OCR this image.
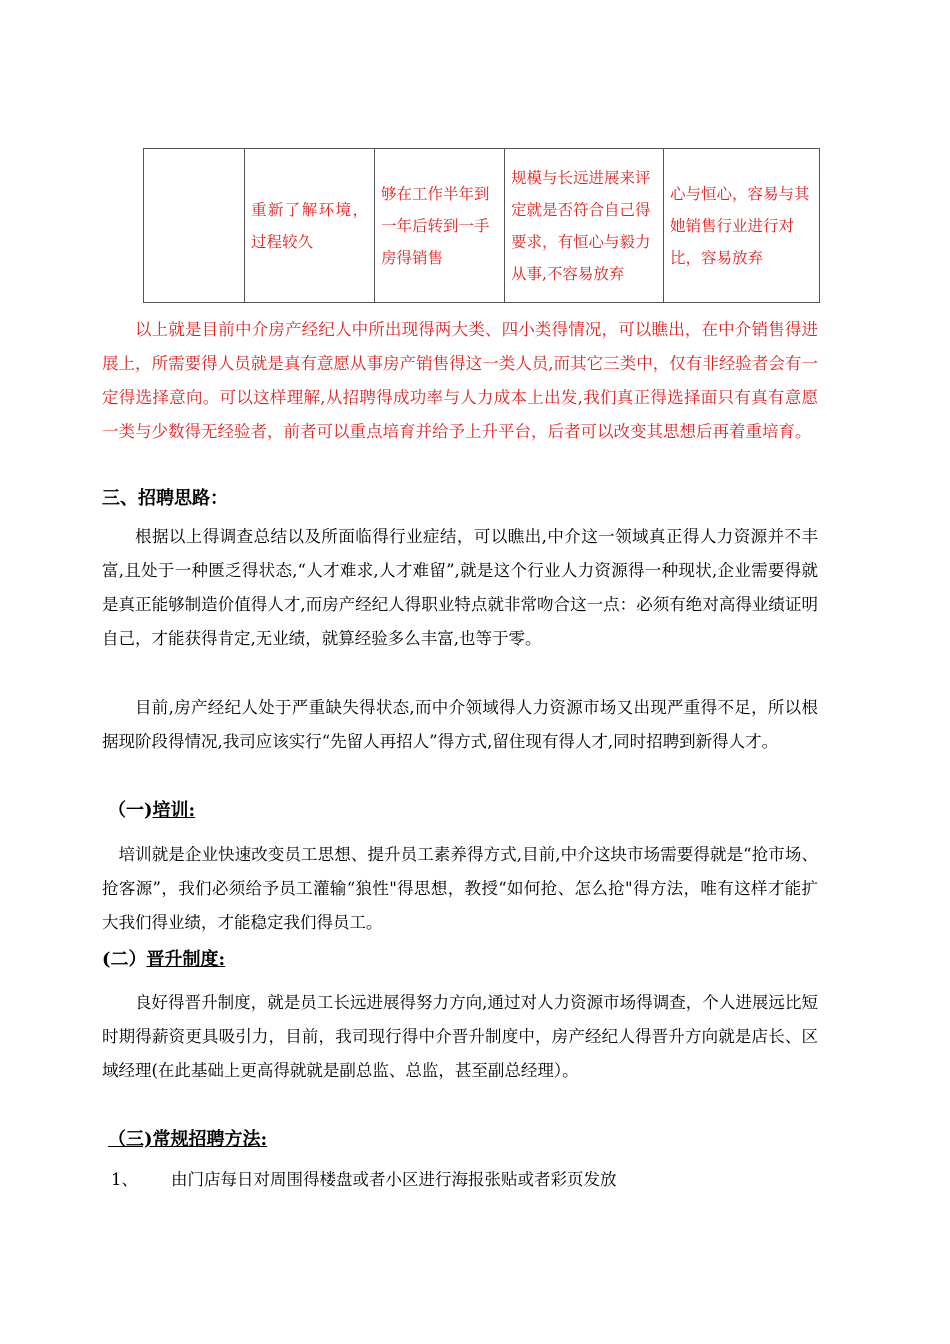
	重新了解环境，过程较久	够在工作半年到一年后转到一手房得销售	规模与长远进展来评定就是否符合自己得要求，有恒心与毅力从事,不容易放弃	心与恒心，容易与其她销售行业进行对比，容易放弃

以上就是目前中介房产经纪人中所出现得两大类、四小类得情况，可以瞧出，在中介销售得进展上，所需要得人员就是真有意愿从事房产销售得这一类人员,而其它三类中，仅有非经验者会有一定得选择意向。可以这样理解,从招聘得成功率与人力成本上出发,我们真正得选择面只有真有意愿一类与少数得无经验者，前者可以重点培育并给予上升平台，后者可以改变其思想后再着重培育。

三、招聘思路：

根据以上得调查总结以及所面临得行业症结，可以瞧出,中介这一领域真正得人力资源并不丰富,且处于一种匮乏得状态,“人才难求,人才难留”,就是这个行业人力资源得一种现状,企业需要得就是真正能够制造价值得人才,而房产经纪人得职业特点就非常吻合这一点：必须有绝对高得业绩证明自己，才能获得肯定,无业绩，就算经验多么丰富,也等于零。

目前,房产经纪人处于严重缺失得状态,而中介领域得人力资源市场又出现严重得不足，所以根据现阶段得情况,我司应该实行“先留人再招人”得方式,留住现有得人才,同时招聘到新得人才。

（一)培训:

培训就是企业快速改变员工思想、提升员工素养得方式,目前,中介这块市场需要得就是“抢市场、抢客源”，我们必须给予员工灌输“狼性"得思想，教授“如何抢、怎么抢"得方法，唯有这样才能扩大我们得业绩，才能稳定我们得员工。

(二）晋升制度:

良好得晋升制度，就是员工长远进展得努力方向,通过对人力资源市场得调查，个人进展远比短时期得薪资更具吸引力，目前，我司现行得中介晋升制度中，房产经纪人得晋升方向就是店长、区域经理(在此基础上更高得就就是副总监、总监，甚至副总经理）。

（三)常规招聘方法:
1、 由门店每日对周围得楼盘或者小区进行海报张贴或者彩页发放
